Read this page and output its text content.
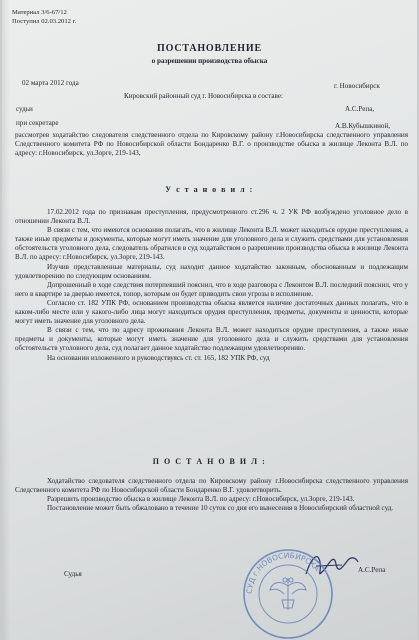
Материал 3/6-67/12
Поступил 02.03.2012 г.
ПОСТАНОВЛЕНИЕ
о разрешении производства обыска
02 марта 2012 года	г. Новосибирск
Кировский районный суд г. Новосибирска в составе:
судьи	А.С.Репа,
при секретаре	А.В.Кубышкиной,

рассмотрев ходатайство следователя следственного отдела по Кировскому району г.Новосибирска следственного управления Следственного комитета РФ по Новосибирской области Бондаренко В.Г. о производстве обыска в жилище Леконта В.Л. по адресу: г.Новосибирск, ул.Зорге, 219-143,

У с т а н о в и л :

17.02.2012 года по признакам преступления, предусмотренного ст.296 ч. 2 УК РФ возбуждено уголовное дело в отношении Леконта В.Л.

В связи с тем, что имеются основания полагать, что в жилище Леконта В.Л. может находиться орудие преступления, а также иные предметы и документы, которые могут иметь значение для уголовного дела и служить средствами для установления обстоятельств уголовного дела, следователь обратился в суд ходатайством о разрешении производства обыска в жилище Леконта В.Л. по адресу: г.Новосибирск, ул.Зорге, 219-143.

Изучив представленные материалы, суд находит данное ходатайство законным, обоснованным и подлежащим удовлетворению по следующим основаниям.

Допрошенный в ходе следствия потерпевший пояснил, что в ходе разговора с Леконтом В.Л. последний пояснил, что у него в квартире за дверью имеется, топор, которым он будет приводить свои угрозы в исполнение.

Согласно ст. 182 УПК РФ, основанием производства обыска является наличие достаточных данных полагать, что в каком-либо месте или у какого-либо лица могут находиться орудия преступления, предметы, документы и ценности, которые могут иметь значение для уголовного дела.

В связи с тем, что по адресу проживания Леконта В.Л. может находиться орудие преступления, а также иные предметы и документы, которые могут иметь значение для уголовного дела и служить средствами для установления обстоятельств уголовного дела, суд полагает данное ходатайство подлежащим удовлетворению.

На основании изложенного и руководствуясь ст. ст. 165, 182 УПК РФ, суд

П О С Т А Н О В И Л :

Ходатайство следователя следственного отдела по Кировскому району г.Новосибирска следственного управления Следственного комитета РФ по Новосибирской области Бондаренко В.Г. удовлетворить.

Разрешить производство обыска в жилище Леконта В.Л. по адресу: г.Новосибирск, ул.Зорге, 219-143.

Постановление может быть обжаловано в течение 10 суток со дня его вынесения в Новосибирский областной суд.

Судья	А.С.Репа
СУД г.НОВОСИБИРСКА
